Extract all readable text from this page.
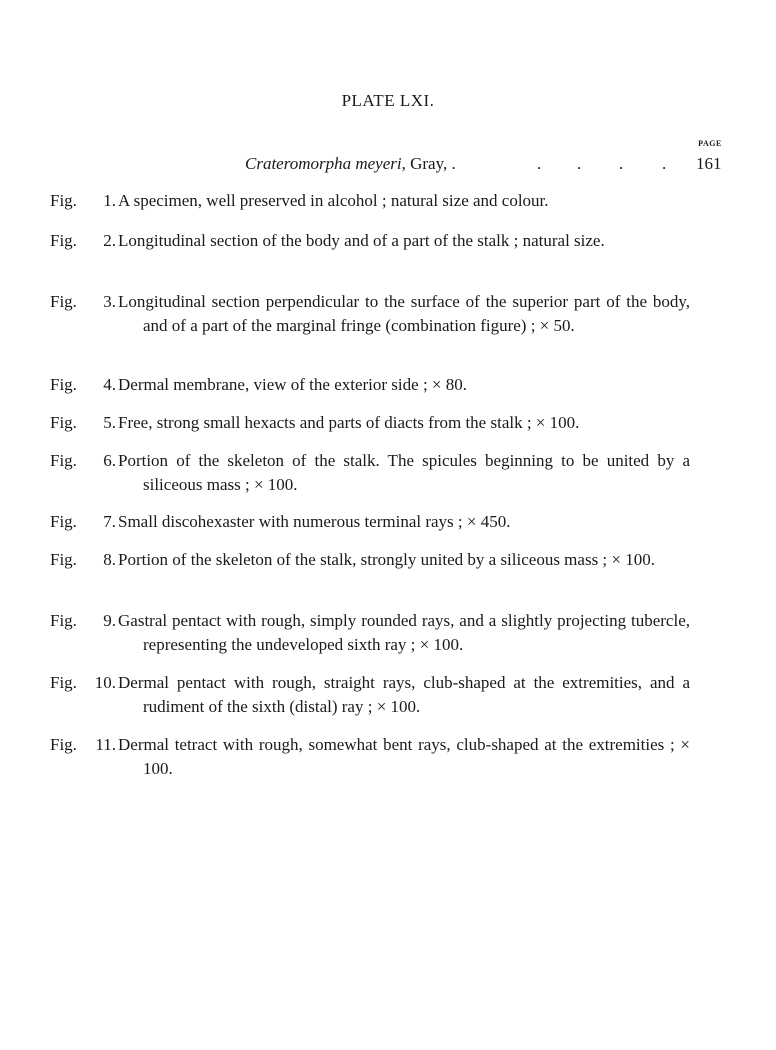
PLATE LXI.
PAGE
Crateromorpha meyeri, Gray, .	. . . . 161
Fig.	1. A specimen, well preserved in alcohol ; natural size and colour.
Fig.	2. Longitudinal section of the body and of a part of the stalk ; natural size.
Fig.	3. Longitudinal section perpendicular to the surface of the superior part of the body, and of a part of the marginal fringe (combination figure) ; × 50.
Fig.	4. Dermal membrane, view of the exterior side ; × 80.
Fig.	5. Free, strong small hexacts and parts of diacts from the stalk ; × 100.
Fig.	6. Portion of the skeleton of the stalk. The spicules beginning to be united by a siliceous mass ; × 100.
Fig.	7. Small discohexaster with numerous terminal rays ; × 450.
Fig.	8. Portion of the skeleton of the stalk, strongly united by a siliceous mass ; × 100.
Fig.	9. Gastral pentact with rough, simply rounded rays, and a slightly projecting tubercle, representing the undeveloped sixth ray ; × 100.
Fig. 10. Dermal pentact with rough, straight rays, club-shaped at the extremities, and a rudiment of the sixth (distal) ray ; × 100.
Fig. 11. Dermal tetract with rough, somewhat bent rays, club-shaped at the extremities ; × 100.
